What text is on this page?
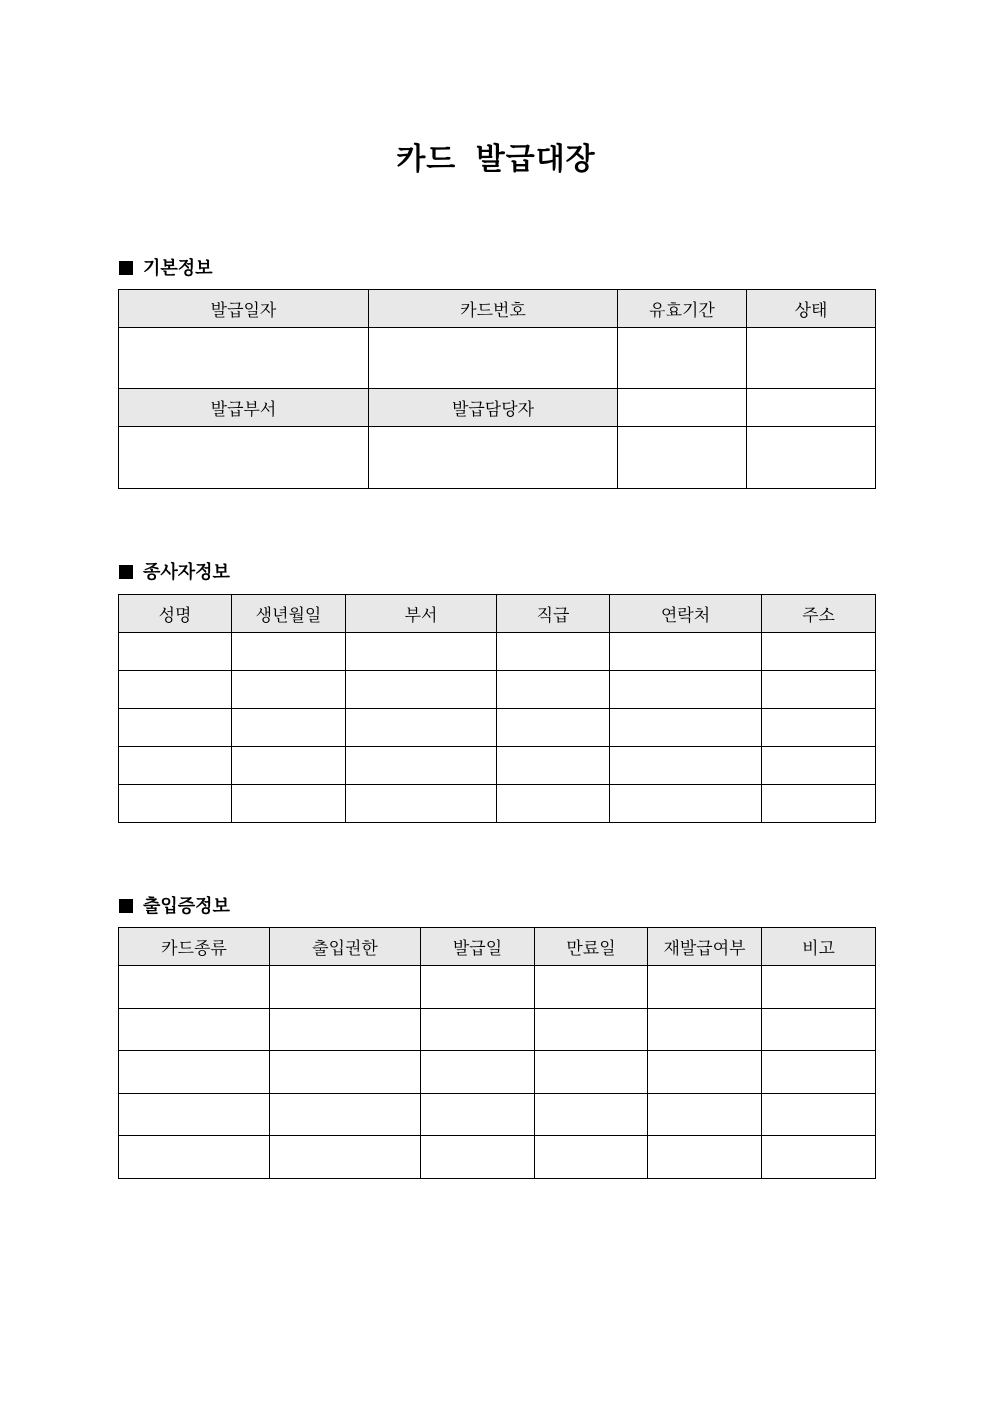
카드 발급대장
기본정보
발급일자	카드번호	유효기간	상태

발급부서	발급담당자		

종사자정보
성명	생년월일	부서	직급	연락처	주소

출입증정보
카드종류	출입권한	발급일	만료일	재발급여부	비고
